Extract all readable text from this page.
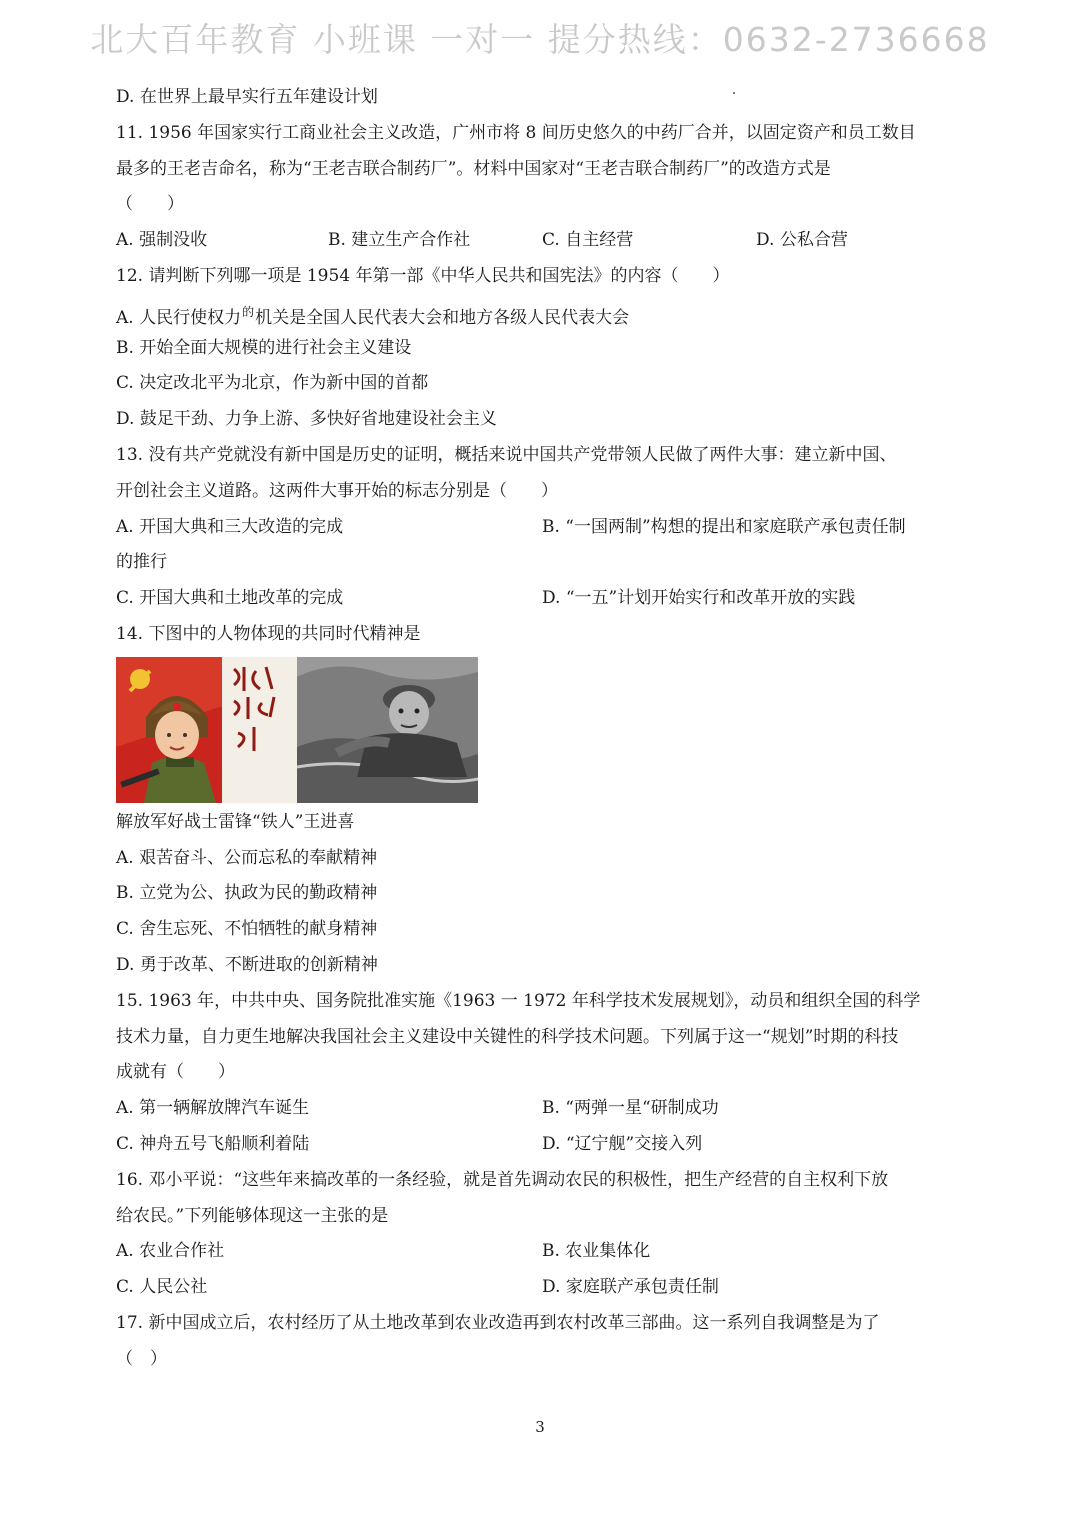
北大百年教育 小班课 一对一 提分热线：0632-2736668
D. 在世界上最早实行五年建设计划
11. 1956 年国家实行工商业社会主义改造，广州市将 8 间历史悠久的中药厂合并，以固定资产和员工数目
最多的王老吉命名，称为“王老吉联合制药厂”。材料中国家对“王老吉联合制药厂”的改造方式是
（　　）
A. 强制没收	B. 建立生产合作社	C. 自主经营	D. 公私合营
12. 请判断下列哪一项是 1954 年第一部《中华人民共和国宪法》的内容（　　）
A. 人民行使权力$^的$机关是全国人民代表大会和地方各级人民代表大会
B. 开始全面大规模的进行社会主义建设
C. 决定改北平为北京，作为新中国的首都
D. 鼓足干劲、力争上游、多快好省地建设社会主义
13. 没有共产党就没有新中国是历史的证明，概括来说中国共产党带领人民做了两件大事：建立新中国、
开创社会主义道路。这两件大事开始的标志分别是（　　）
A. 开国大典和三大改造的完成	B. “一国两制”构想的提出和家庭联产承包责任制
的推行
C. 开国大典和土地改革的完成	D. “一五”计划开始实行和改革开放的实践
14. 下图中的人物体现的共同时代精神是
解放军好战士雷锋“铁人”王进喜
A. 艰苦奋斗、公而忘私的奉献精神
B. 立党为公、执政为民的勤政精神
C. 舍生忘死、不怕牺牲的献身精神
D. 勇于改革、不断进取的创新精神
15. 1963 年，中共中央、国务院批准实施《1963 一 1972 年科学技术发展规划》，动员和组织全国的科学
技术力量，自力更生地解决我国社会主义建设中关键性的科学技术问题。下列属于这一“规划”时期的科技
成就有（　　）
A. 第一辆解放牌汽车诞生	B. “两弹一星“研制成功
C. 神舟五号飞船顺利着陆	D. “辽宁舰”交接入列
16. 邓小平说：“这些年来搞改革的一条经验，就是首先调动农民的积极性，把生产经营的自主权利下放
给农民。”下列能够体现这一主张的是
A. 农业合作社	B. 农业集体化
C. 人民公社	D. 家庭联产承包责任制
17. 新中国成立后，农村经历了从土地改革到农业改造再到农村改革三部曲。这一系列自我调整是为了
（　）
3
